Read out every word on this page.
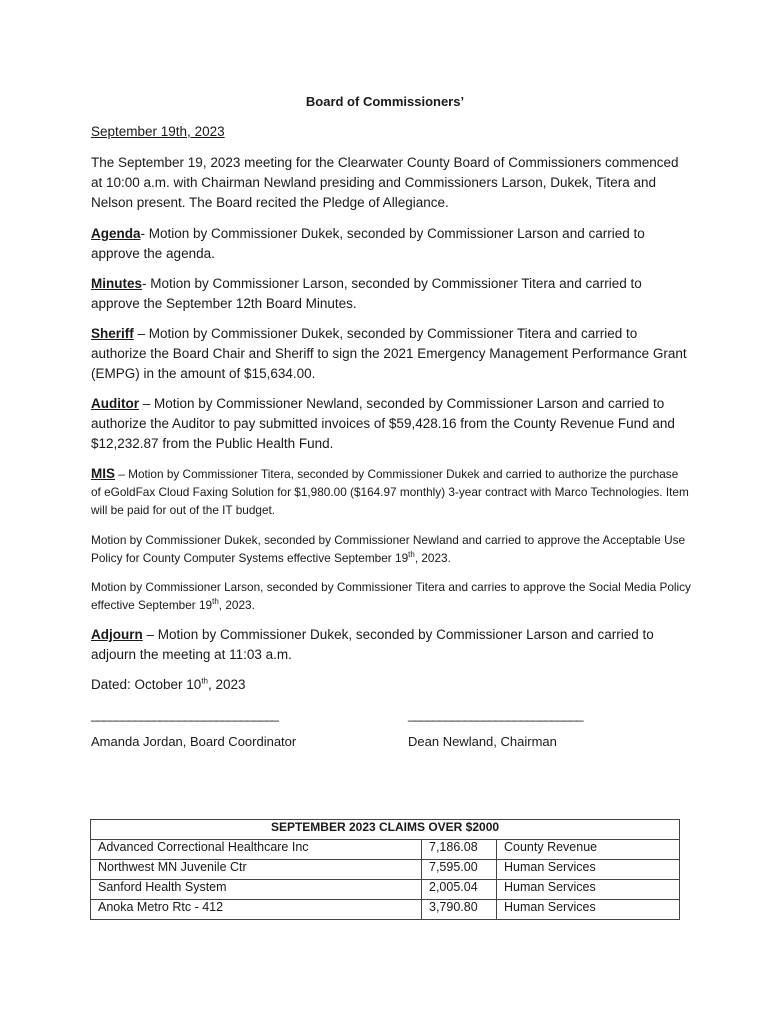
Board of Commissioners’
September 19th, 2023
The September 19, 2023 meeting for the Clearwater County Board of Commissioners commenced at 10:00 a.m. with Chairman Newland presiding and Commissioners Larson, Dukek, Titera and Nelson present. The Board recited the Pledge of Allegiance.
Agenda- Motion by Commissioner Dukek, seconded by Commissioner Larson and carried to approve the agenda.
Minutes- Motion by Commissioner Larson, seconded by Commissioner Titera and carried to approve the September 12th Board Minutes.
Sheriff – Motion by Commissioner Dukek, seconded by Commissioner Titera and carried to authorize the Board Chair and Sheriff to sign the 2021 Emergency Management Performance Grant (EMPG) in the amount of $15,634.00.
Auditor – Motion by Commissioner Newland, seconded by Commissioner Larson and carried to authorize the Auditor to pay submitted invoices of $59,428.16 from the County Revenue Fund and $12,232.87 from the Public Health Fund.
MIS – Motion by Commissioner Titera, seconded by Commissioner Dukek and carried to authorize the purchase of eGoldFax Cloud Faxing Solution for $1,980.00 ($164.97 monthly) 3-year contract with Marco Technologies. Item will be paid for out of the IT budget.
Motion by Commissioner Dukek, seconded by Commissioner Newland and carried to approve the Acceptable Use Policy for County Computer Systems effective September 19th, 2023.
Motion by Commissioner Larson, seconded by Commissioner Titera and carries to approve the Social Media Policy effective September 19th, 2023.
Adjourn – Motion by Commissioner Dukek, seconded by Commissioner Larson and carried to adjourn the meeting at 11:03 a.m.
Dated: October 10th, 2023
______________________________	____________________________
Amanda Jordan, Board Coordinator	Dean Newland, Chairman
SEPTEMBER 2023 CLAIMS OVER $2000		
Advanced Correctional Healthcare Inc	7,186.08	County Revenue
Northwest MN Juvenile Ctr	7,595.00	Human Services
Sanford Health System	2,005.04	Human Services
Anoka Metro Rtc - 412	3,790.80	Human Services
